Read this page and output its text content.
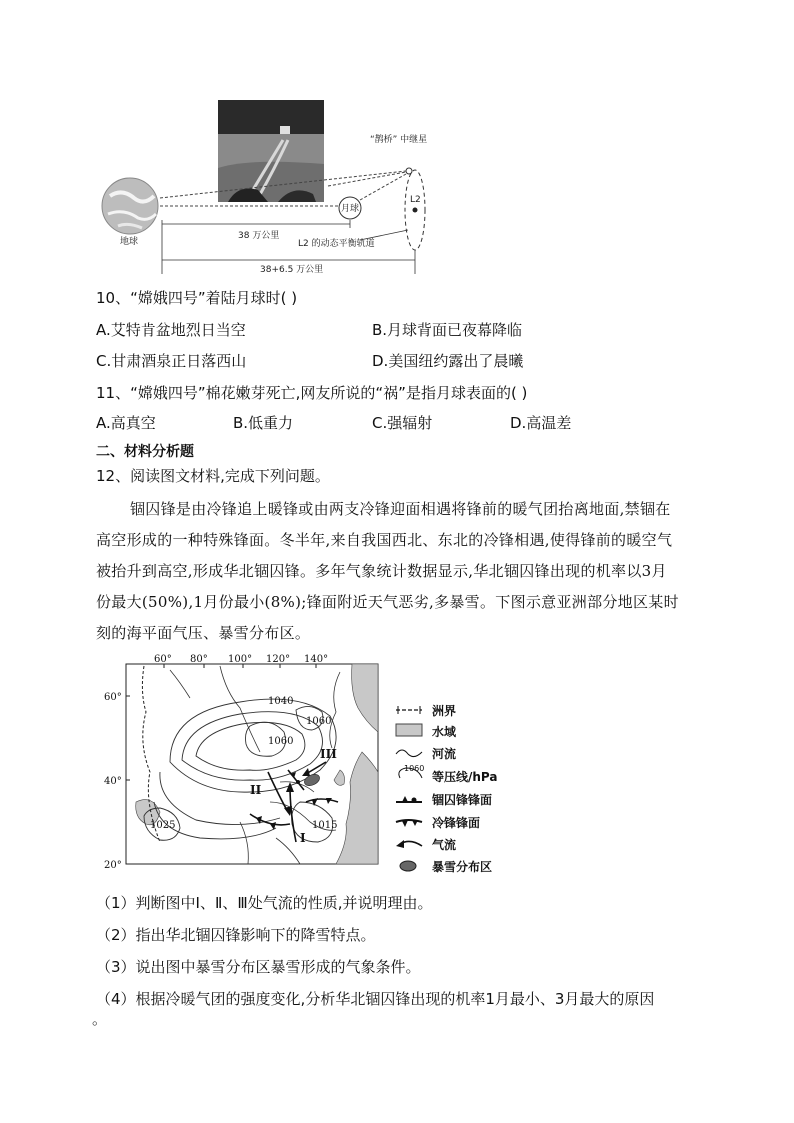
地球
月球
L2
“鹊桥” 中继星
L2 的动态平衡轨道
38 万公里
38+6.5 万公里
10、“嫦娥四号”着陆月球时( )
A.艾特肯盆地烈日当空	B.月球背面已夜幕降临
C.甘肃酒泉正日落西山	D.美国纽约露出了晨曦
11、“嫦娥四号”棉花嫩芽死亡,网友所说的“祸”是指月球表面的( )
A.高真空	B.低重力	C.强辐射	D.高温差
二、材料分析题
12、阅读图文材料,完成下列问题。
锢囚锋是由冷锋追上暖锋或由两支冷锋迎面相遇将锋前的暖气团抬离地面,禁锢在
高空形成的一种特殊锋面。冬半年,来自我国西北、东北的冷锋相遇,使得锋前的暖空气
被抬升到高空,形成华北锢囚锋。多年气象统计数据显示,华北锢囚锋出现的机率以3月
份最大(50%),1月份最小(8%);锋面附近天气恶劣,多暴雪。下图示意亚洲部分地区某时
刻的海平面气压、暴雪分布区。
60° 80° 100° 120° 140°
60°
40°
20°
1040
1060
1060
1025	1015
I
II
III
1060
洲界
水域
河流
等压线/hPa
锢囚锋锋面
冷锋锋面
气流
暴雪分布区
（1）判断图中Ⅰ、Ⅱ、Ⅲ处气流的性质,并说明理由。
（2）指出华北锢囚锋影响下的降雪特点。
（3）说出图中暴雪分布区暴雪形成的气象条件。
（4）根据冷暖气团的强度变化,分析华北锢囚锋出现的机率1月最小、3月最大的原因
。
